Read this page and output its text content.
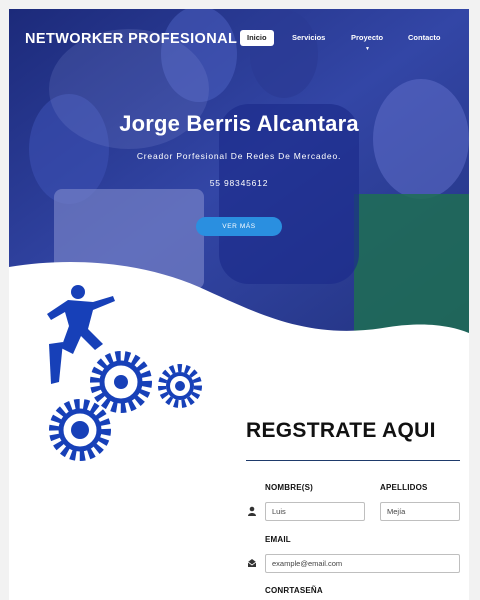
NETWORKER PROFESIONAL	Inicio	Servicios	Proyecto
▼
Contacto
Jorge Berris Alcantara
Creador Porfesional De Redes De Mercadeo.
55 98345612
VER MÁS
REGSTRATE AQUI
NOMBRE(S)	APELLIDOS
Luis	Mejía
EMAIL
example@email.com
CONRTASEÑA
